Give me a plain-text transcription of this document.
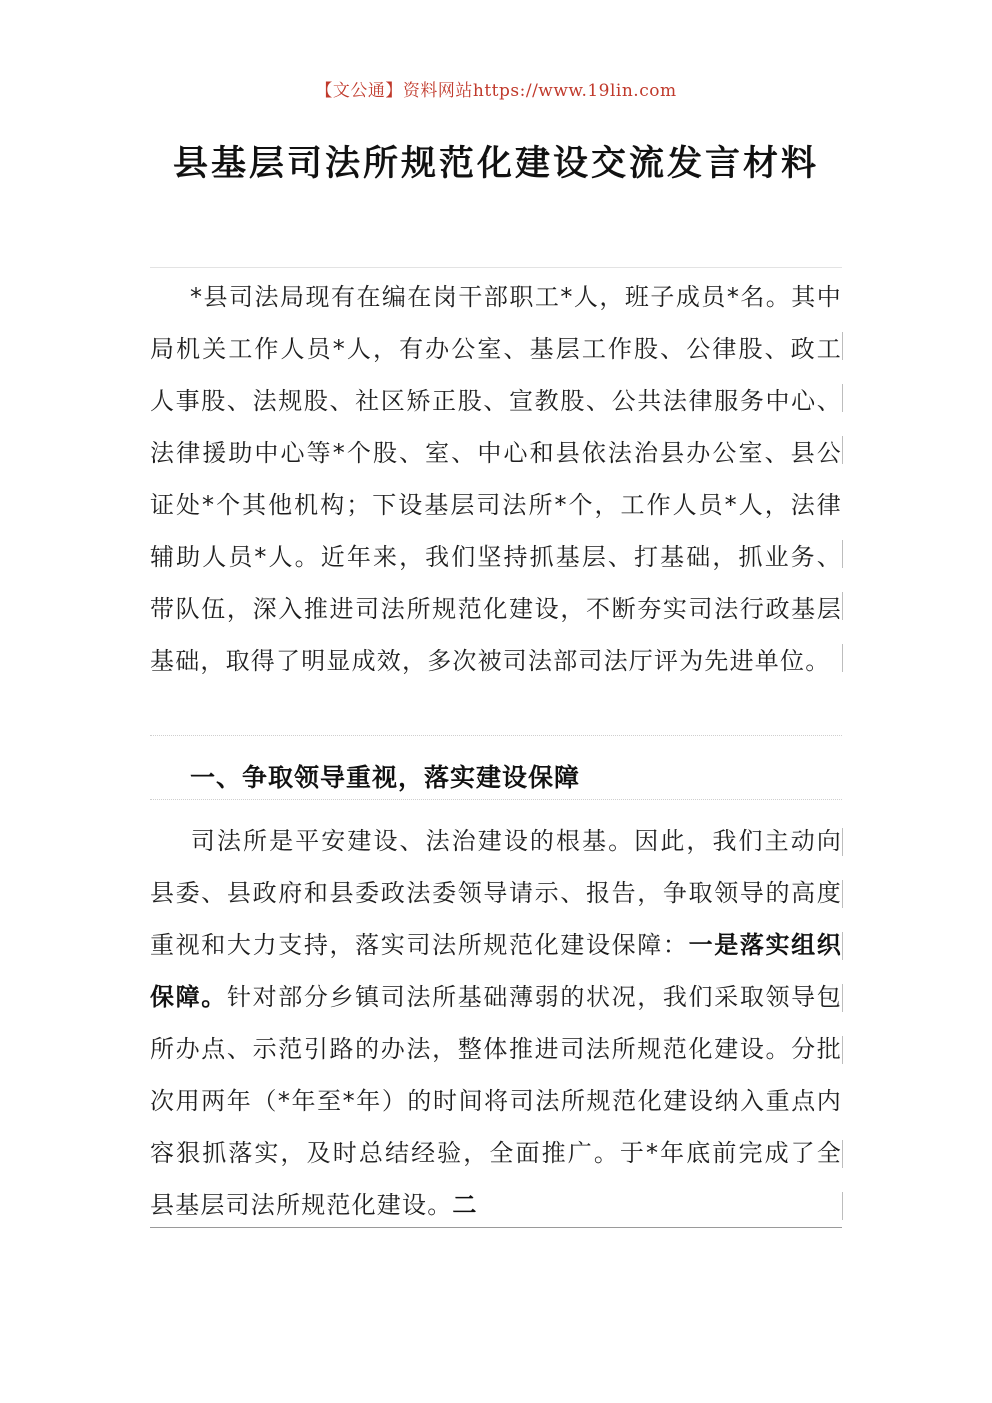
【文公通】资料网站https://www.19lin.com
县基层司法所规范化建设交流发言材料
*县司法局现有在编在岗干部职工*人，班子成员*名。其中局机关工作人员*人，有办公室、基层工作股、公律股、政工人事股、法规股、社区矫正股、宣教股、公共法律服务中心、法律援助中心等*个股、室、中心和县依法治县办公室、县公证处*个其他机构；下设基层司法所*个，工作人员*人，法律辅助人员*人。近年来，我们坚持抓基层、打基础，抓业务、带队伍，深入推进司法所规范化建设，不断夯实司法行政基层基础，取得了明显成效，多次被司法部司法厅评为先进单位。
一、争取领导重视，落实建设保障
司法所是平安建设、法治建设的根基。因此，我们主动向县委、县政府和县委政法委领导请示、报告，争取领导的高度重视和大力支持，落实司法所规范化建设保障：一是落实组织保障。针对部分乡镇司法所基础薄弱的状况，我们采取领导包所办点、示范引路的办法，整体推进司法所规范化建设。分批次用两年（*年至*年）的时间将司法所规范化建设纳入重点内容狠抓落实，及时总结经验，全面推广。于*年底前完成了全县基层司法所规范化建设。二
